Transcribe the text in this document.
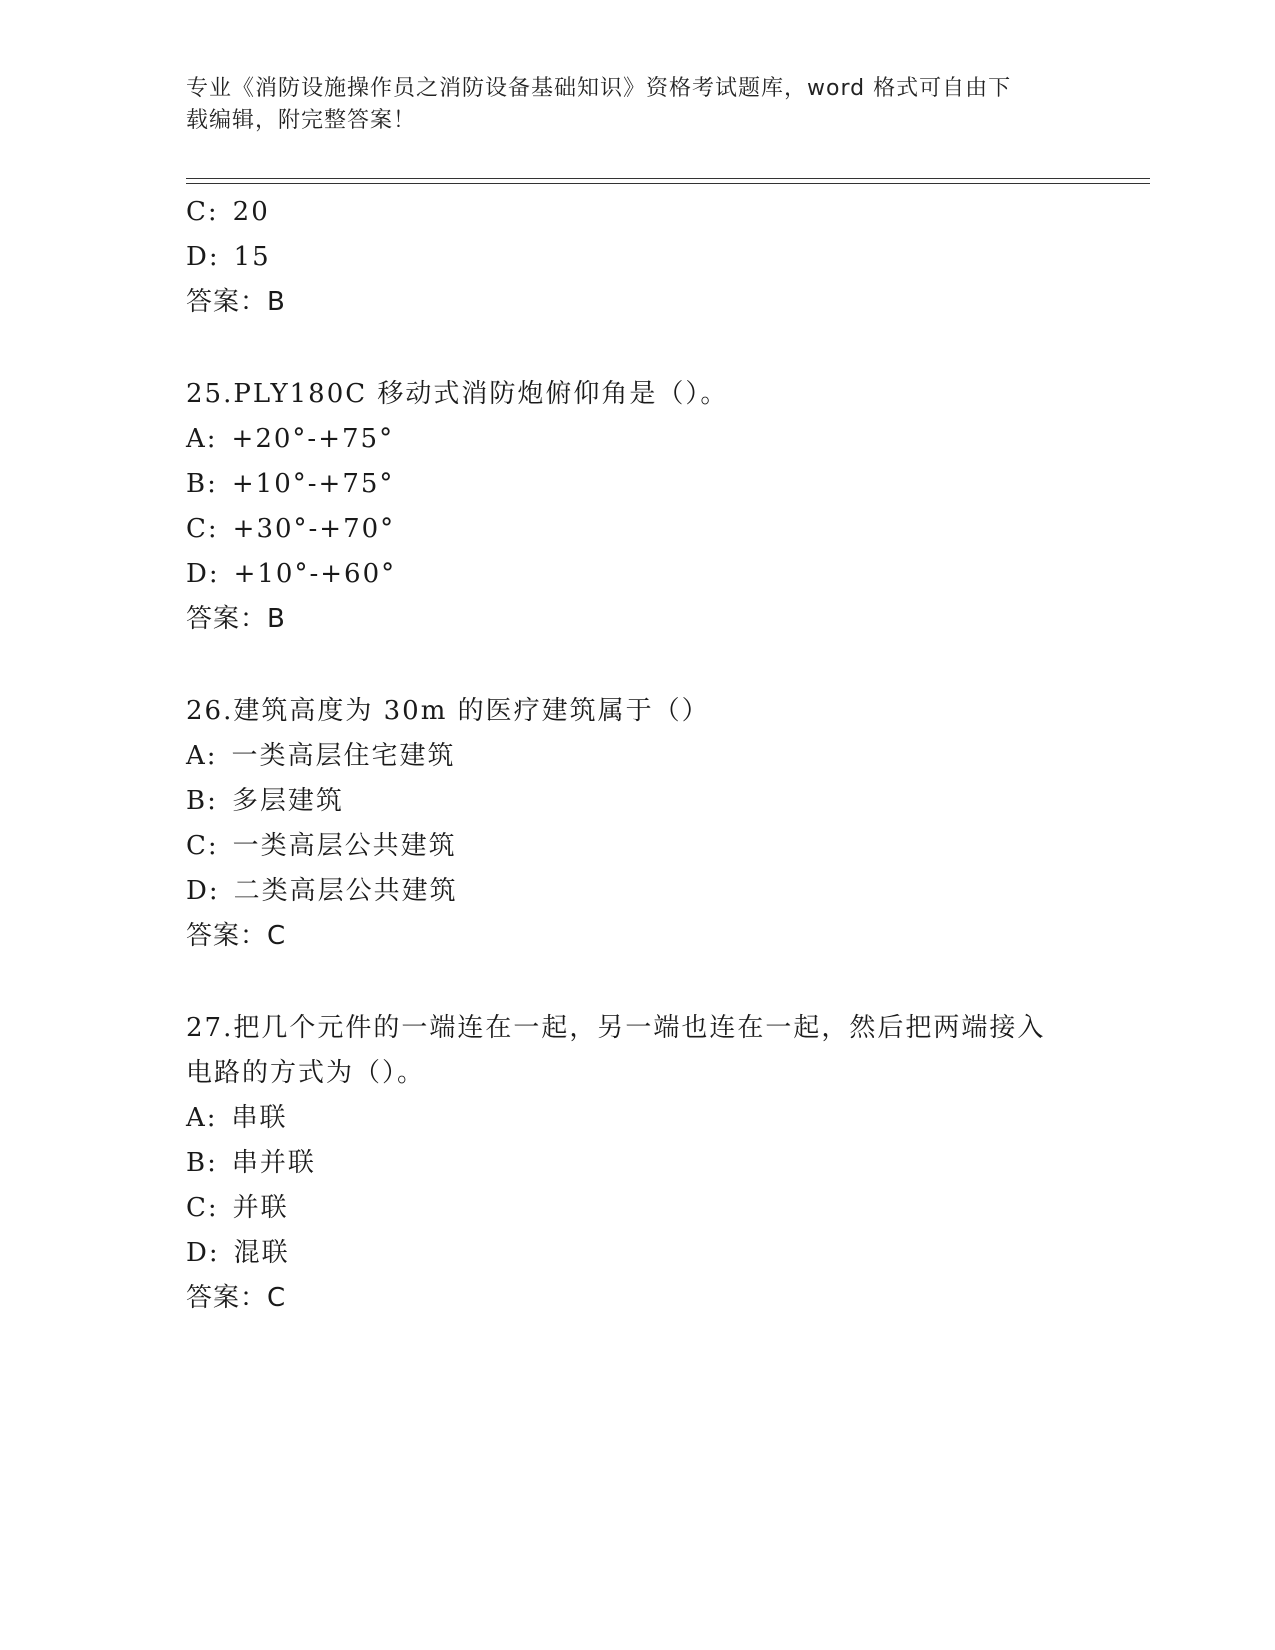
专业《消防设施操作员之消防设备基础知识》资格考试题库，word 格式可自由下
载编辑，附完整答案！
C: 20
D: 15
答案：B
25.PLY180C 移动式消防炮俯仰角是（）。
A: +20°-+75°
B: +10°-+75°
C: +30°-+70°
D: +10°-+60°
答案：B
26.建筑高度为 30m 的医疗建筑属于（）
A: 一类高层住宅建筑
B: 多层建筑
C: 一类高层公共建筑
D: 二类高层公共建筑
答案：C
27.把几个元件的一端连在一起，另一端也连在一起，然后把两端接入
电路的方式为（）。
A: 串联
B: 串并联
C: 并联
D: 混联
答案：C
